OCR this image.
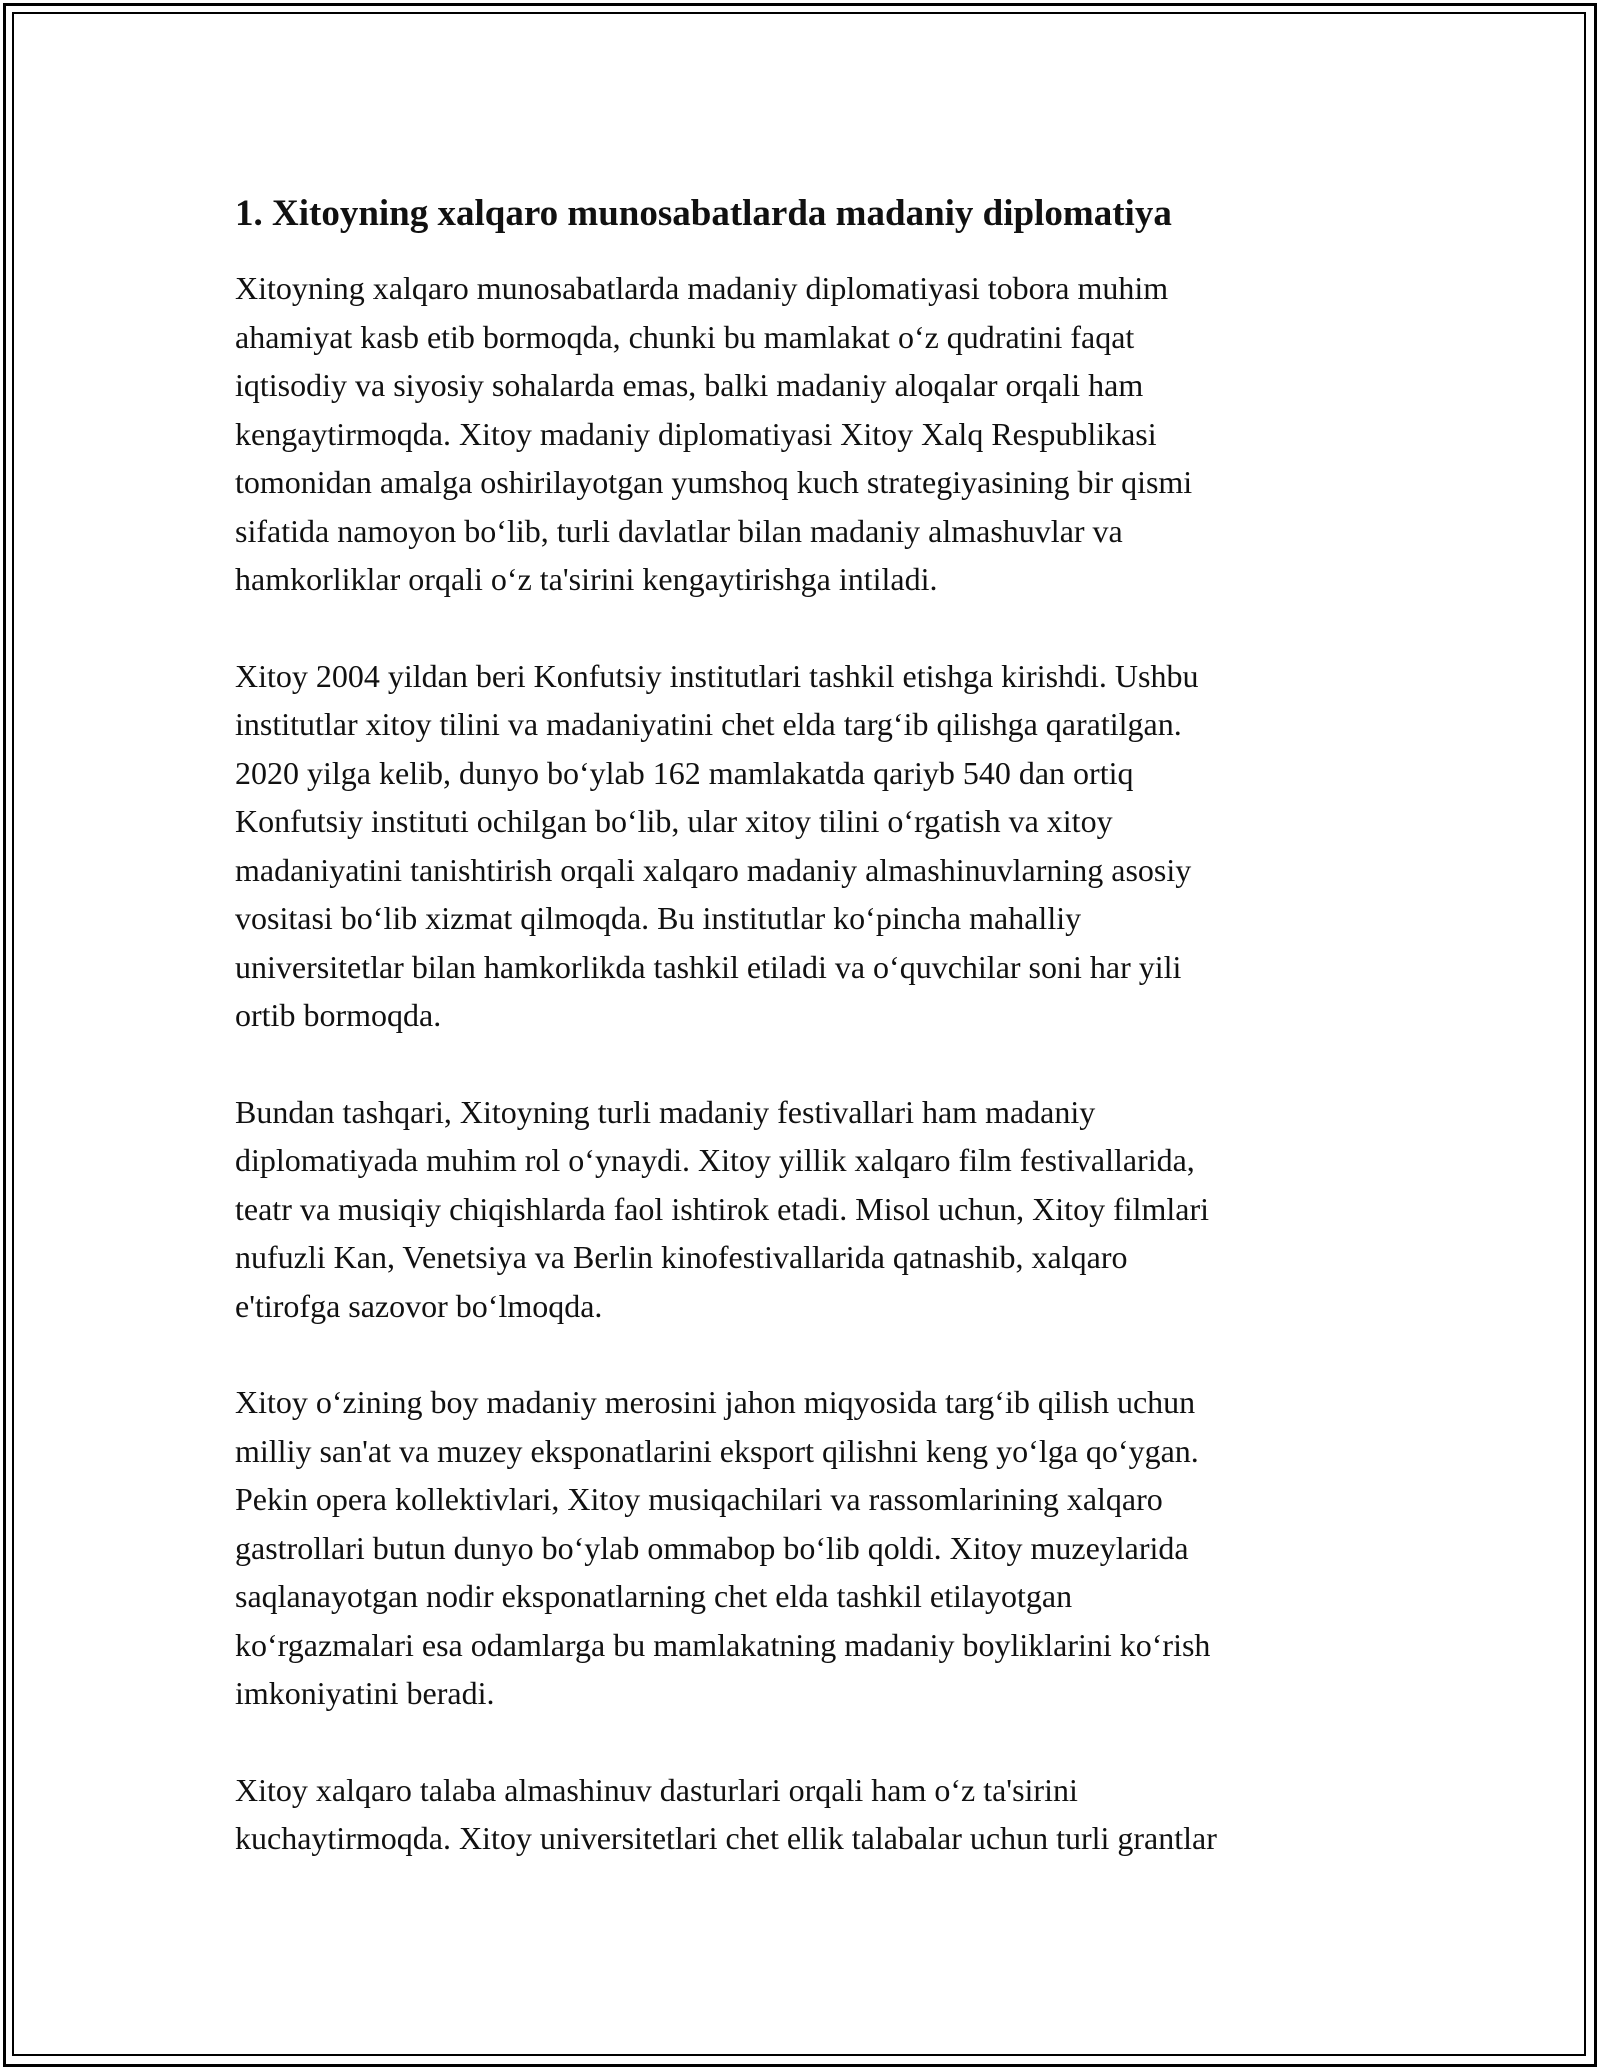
1. Xitoyning xalqaro munosabatlarda madaniy diplomatiya

Xitoyning xalqaro munosabatlarda madaniy diplomatiyasi tobora muhim
ahamiyat kasb etib bormoqda, chunki bu mamlakat oʻz qudratini faqat
iqtisodiy va siyosiy sohalarda emas, balki madaniy aloqalar orqali ham
kengaytirmoqda. Xitoy madaniy diplomatiyasi Xitoy Xalq Respublikasi
tomonidan amalga oshirilayotgan yumshoq kuch strategiyasining bir qismi
sifatida namoyon boʻlib, turli davlatlar bilan madaniy almashuvlar va
hamkorliklar orqali oʻz ta'sirini kengaytirishga intiladi.

Xitoy 2004 yildan beri Konfutsiy institutlari tashkil etishga kirishdi. Ushbu
institutlar xitoy tilini va madaniyatini chet elda targʻib qilishga qaratilgan.
2020 yilga kelib, dunyo boʻylab 162 mamlakatda qariyb 540 dan ortiq
Konfutsiy instituti ochilgan boʻlib, ular xitoy tilini oʻrgatish va xitoy
madaniyatini tanishtirish orqali xalqaro madaniy almashinuvlarning asosiy
vositasi boʻlib xizmat qilmoqda. Bu institutlar koʻpincha mahalliy
universitetlar bilan hamkorlikda tashkil etiladi va oʻquvchilar soni har yili
ortib bormoqda.

Bundan tashqari, Xitoyning turli madaniy festivallari ham madaniy
diplomatiyada muhim rol oʻynaydi. Xitoy yillik xalqaro film festivallarida,
teatr va musiqiy chiqishlarda faol ishtirok etadi. Misol uchun, Xitoy filmlari
nufuzli Kan, Venetsiya va Berlin kinofestivallarida qatnashib, xalqaro
e'tirofga sazovor boʻlmoqda.

Xitoy oʻzining boy madaniy merosini jahon miqyosida targʻib qilish uchun
milliy san'at va muzey eksponatlarini eksport qilishni keng yoʻlga qoʻygan.
Pekin opera kollektivlari, Xitoy musiqachilari va rassomlarining xalqaro
gastrollari butun dunyo boʻylab ommabop boʻlib qoldi. Xitoy muzeylarida
saqlanayotgan nodir eksponatlarning chet elda tashkil etilayotgan
koʻrgazmalari esa odamlarga bu mamlakatning madaniy boyliklarini koʻrish
imkoniyatini beradi.

Xitoy xalqaro talaba almashinuv dasturlari orqali ham oʻz ta'sirini
kuchaytirmoqda. Xitoy universitetlari chet ellik talabalar uchun turli grantlar
